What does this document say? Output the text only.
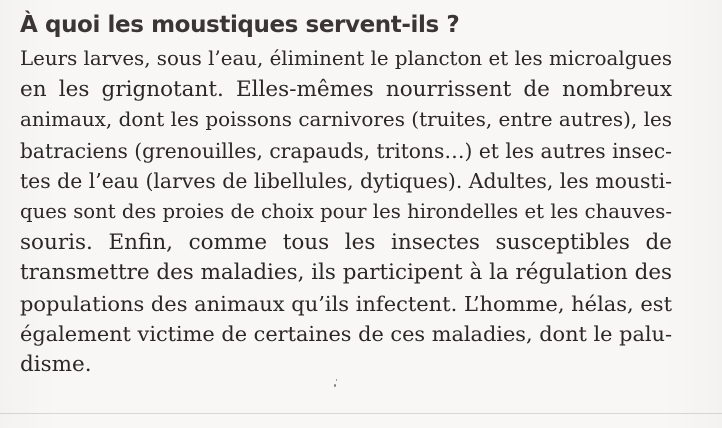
À quoi les moustiques servent-ils ?
Leurs larves, sous l’eau, éliminent le plancton et les microalgues
en les grignotant. Elles-mêmes nourrissent de nombreux
animaux, dont les poissons carnivores (truites, entre autres), les
batraciens (grenouilles, crapauds, tritons…) et les autres insec-
tes de l’eau (larves de libellules, dytiques). Adultes, les mousti-
ques sont des proies de choix pour les hirondelles et les chauves-
souris. Enfin, comme tous les insectes susceptibles de
transmettre des maladies, ils participent à la régulation des
populations des animaux qu’ils infectent. L’homme, hélas, est
également victime de certaines de ces maladies, dont le palu-
disme.
